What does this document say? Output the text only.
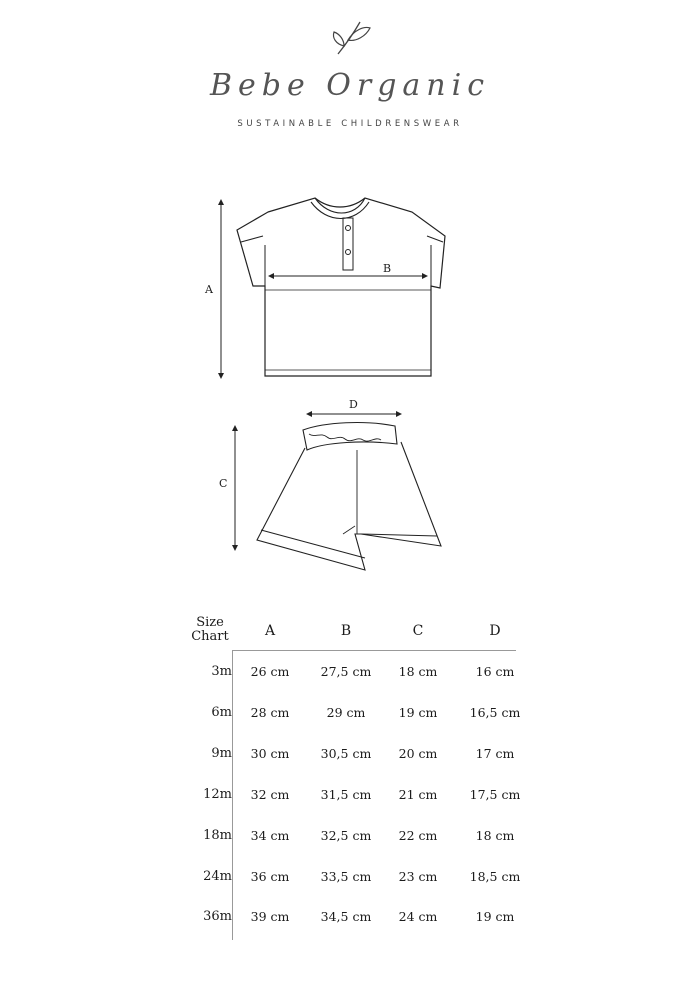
Bebe Organic
SUSTAINABLE CHILDRENSWEAR
A
B
C
D
Size
Chart	A	B	C	D
3m	26 cm	27,5 cm	18 cm	16 cm
6m	28 cm	29 cm	19 cm	16,5 cm
9m	30 cm	30,5 cm	20 cm	17 cm
12m	32 cm	31,5 cm	21 cm	17,5 cm
18m	34 cm	32,5 cm	22 cm	18 cm
24m	36 cm	33,5 cm	23 cm	18,5 cm
36m	39 cm	34,5 cm	24 cm	19 cm
